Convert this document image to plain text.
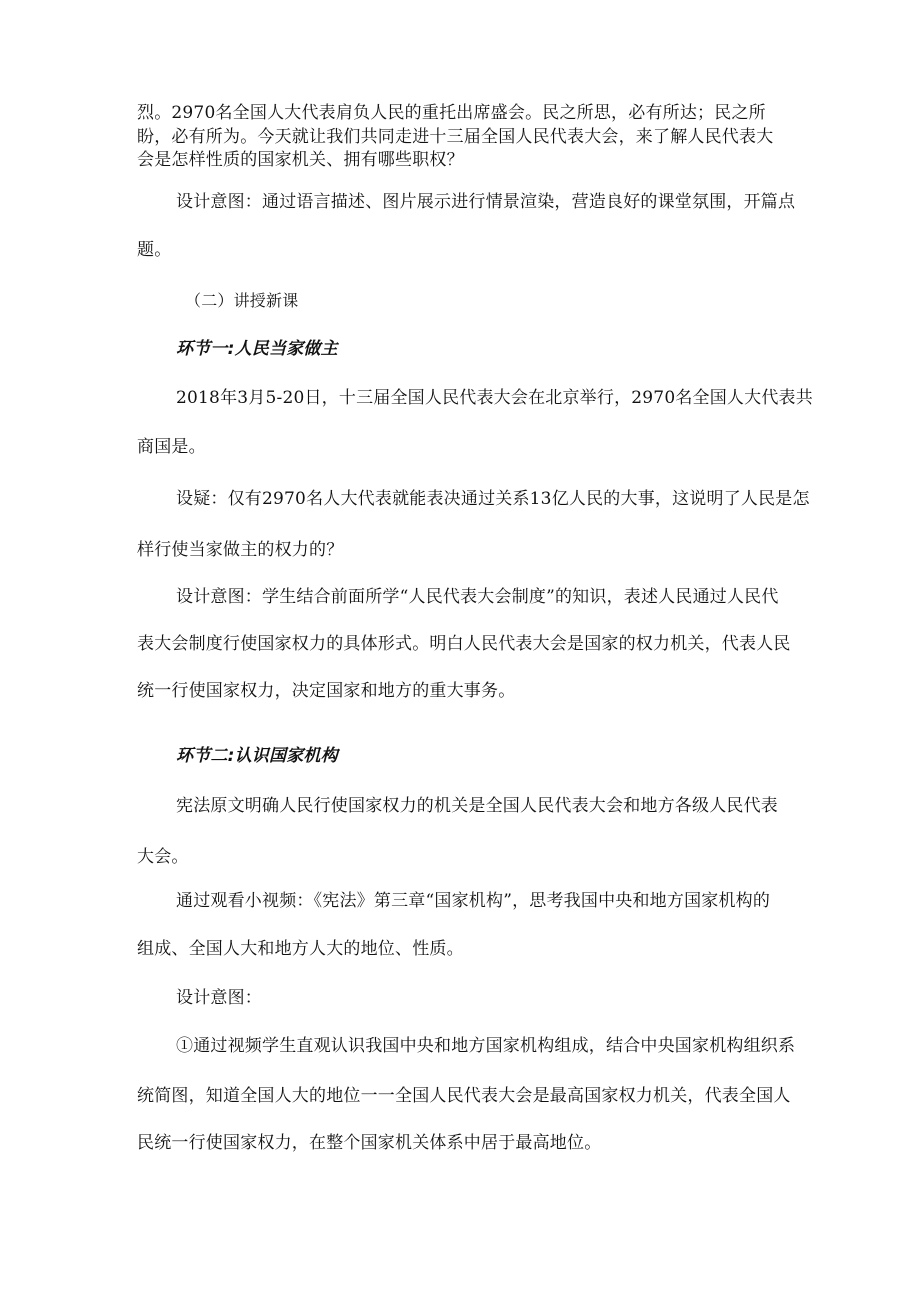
烈。2970名全国人大代表肩负人民的重托出席盛会。民之所思，必有所达；民之所
盼，必有所为。今天就让我们共同走进十三届全国人民代表大会，来了解人民代表大
会是怎样性质的国家机关、拥有哪些职权？
设计意图：通过语言描述、图片展示进行情景渲染，营造良好的课堂氛围，开篇点
题。
（二）讲授新课
环节一:人民当家做主
2018年3月5-20日，十三届全国人民代表大会在北京举行，2970名全国人大代表共
商国是。
设疑：仅有2970名人大代表就能表决通过关系13亿人民的大事，这说明了人民是怎
样行使当家做主的权力的？
设计意图：学生结合前面所学“人民代表大会制度”的知识，表述人民通过人民代
表大会制度行使国家权力的具体形式。明白人民代表大会是国家的权力机关，代表人民
统一行使国家权力，决定国家和地方的重大事务。
环节二:认识国家机构
宪法原文明确人民行使国家权力的机关是全国人民代表大会和地方各级人民代表
大会。
通过观看小视频：《宪法》第三章“国家机构”，思考我国中央和地方国家机构的
组成、全国人大和地方人大的地位、性质。
设计意图：
①通过视频学生直观认识我国中央和地方国家机构组成，结合中央国家机构组织系
统简图，知道全国人大的地位一一全国人民代表大会是最高国家权力机关，代表全国人
民统一行使国家权力，在整个国家机关体系中居于最高地位。
